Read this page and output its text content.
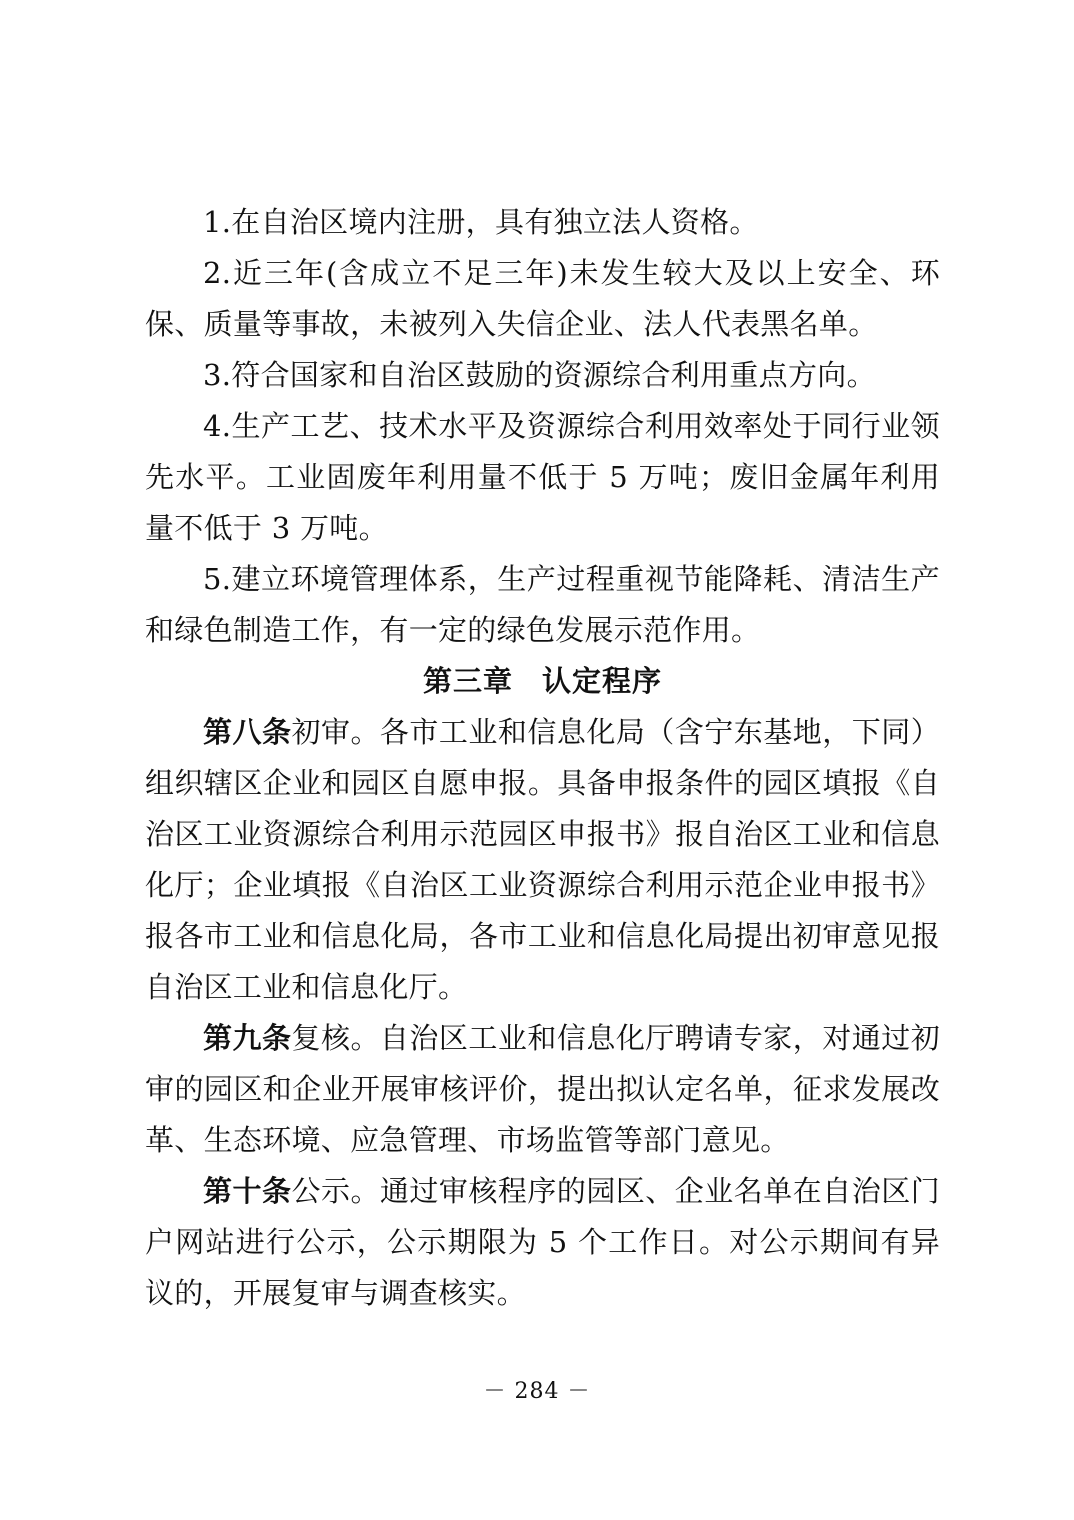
1.在自治区境内注册，具有独立法人资格。

2.近三年(含成立不足三年)未发生较大及以上安全、环保、质量等事故，未被列入失信企业、法人代表黑名单。

3.符合国家和自治区鼓励的资源综合利用重点方向。

4.生产工艺、技术水平及资源综合利用效率处于同行业领先水平。工业固废年利用量不低于 5 万吨；废旧金属年利用量不低于 3 万吨。

5.建立环境管理体系，生产过程重视节能降耗、清洁生产和绿色制造工作，有一定的绿色发展示范作用。

第三章 认定程序

第八条初审。各市工业和信息化局（含宁东基地，下同）组织辖区企业和园区自愿申报。具备申报条件的园区填报《自治区工业资源综合利用示范园区申报书》报自治区工业和信息化厅；企业填报《自治区工业资源综合利用示范企业申报书》报各市工业和信息化局，各市工业和信息化局提出初审意见报自治区工业和信息化厅。

第九条复核。自治区工业和信息化厅聘请专家，对通过初审的园区和企业开展审核评价，提出拟认定名单，征求发展改革、生态环境、应急管理、市场监管等部门意见。

第十条公示。通过审核程序的园区、企业名单在自治区门户网站进行公示，公示期限为 5 个工作日。对公示期间有异议的，开展复审与调查核实。

－ 284 －
